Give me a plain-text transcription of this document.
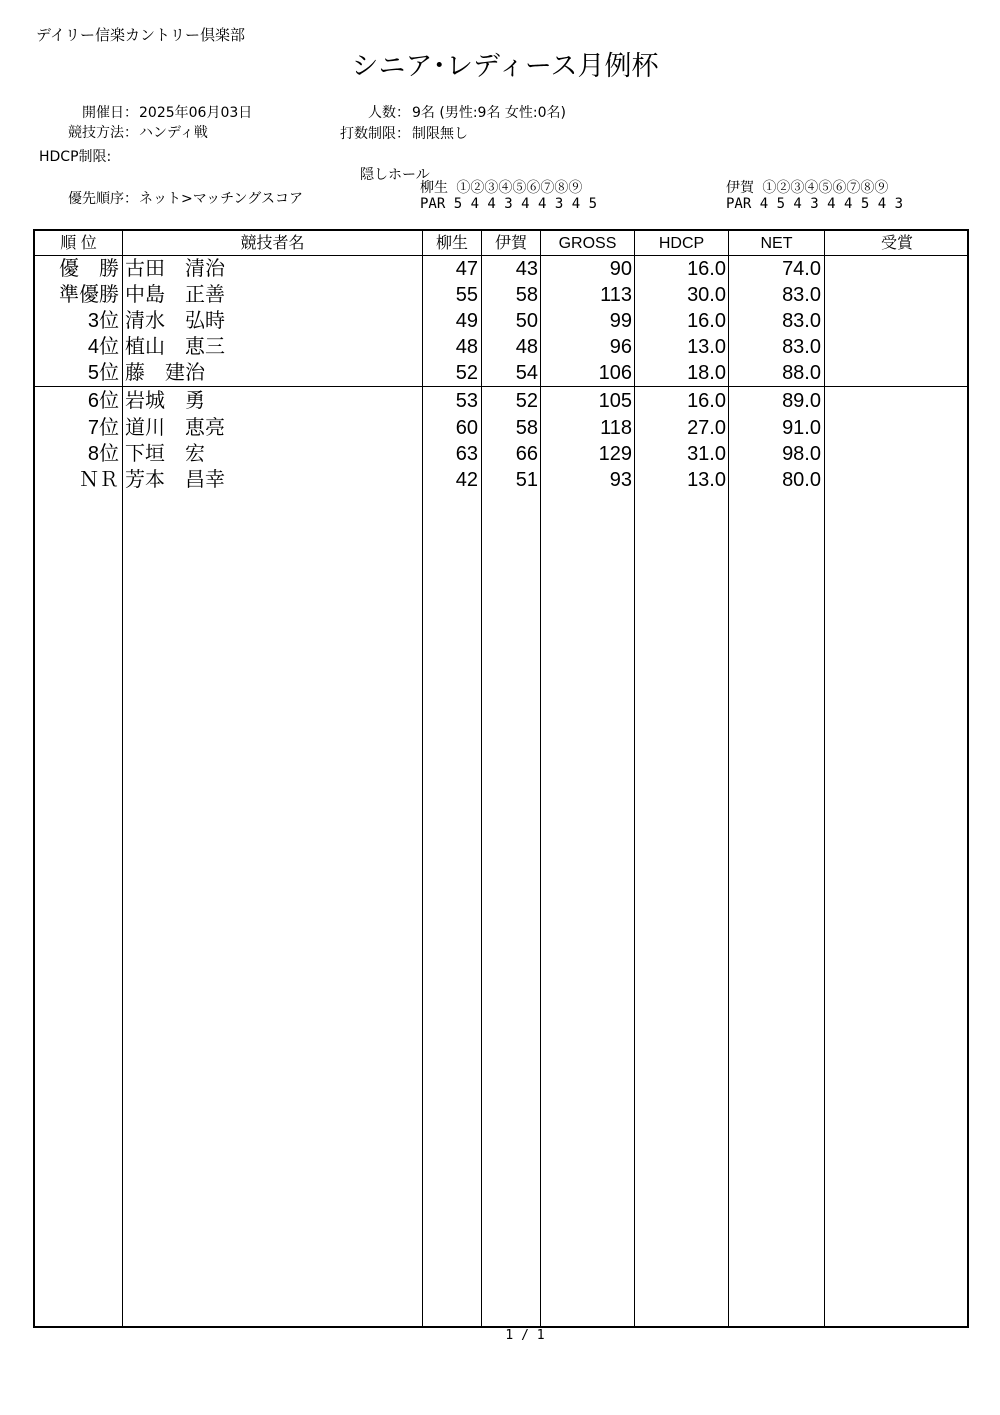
デイリー信楽カントリー倶楽部
シニア･レディース月例杯
開催日： 2025年06月03日	人数： 9名 (男性:9名 女性:0名)
競技方法： ハンディ戦	打数制限： 制限無し
HDCP制限:
隠しホール
優先順序： ネット>マッチングスコア
柳生 ①②③④⑤⑥⑦⑧⑨
PAR 5 4 4 3 4 4 3 4 5
伊賀 ①②③④⑤⑥⑦⑧⑨
PAR 4 5 4 3 4 4 5 4 3
順 位	競技者名	柳生	伊賀	GROSS	HDCP	NET	受賞
優　勝 古田　清治	47	43	90	16.0	74.0
準優勝 中島　正善	55	58	113	30.0	83.0
3位 清水　弘時	49	50	99	16.0	83.0
4位 植山　恵三	48	48	96	13.0	83.0
5位 藤　建治	52	54	106	18.0	88.0
6位 岩城　勇	53	52	105	16.0	89.0
7位 道川　恵亮	60	58	118	27.0	91.0
8位 下垣　宏	63	66	129	31.0	98.0
ＮＲ 芳本　昌幸	42	51	93	13.0	80.0
1 / 1
